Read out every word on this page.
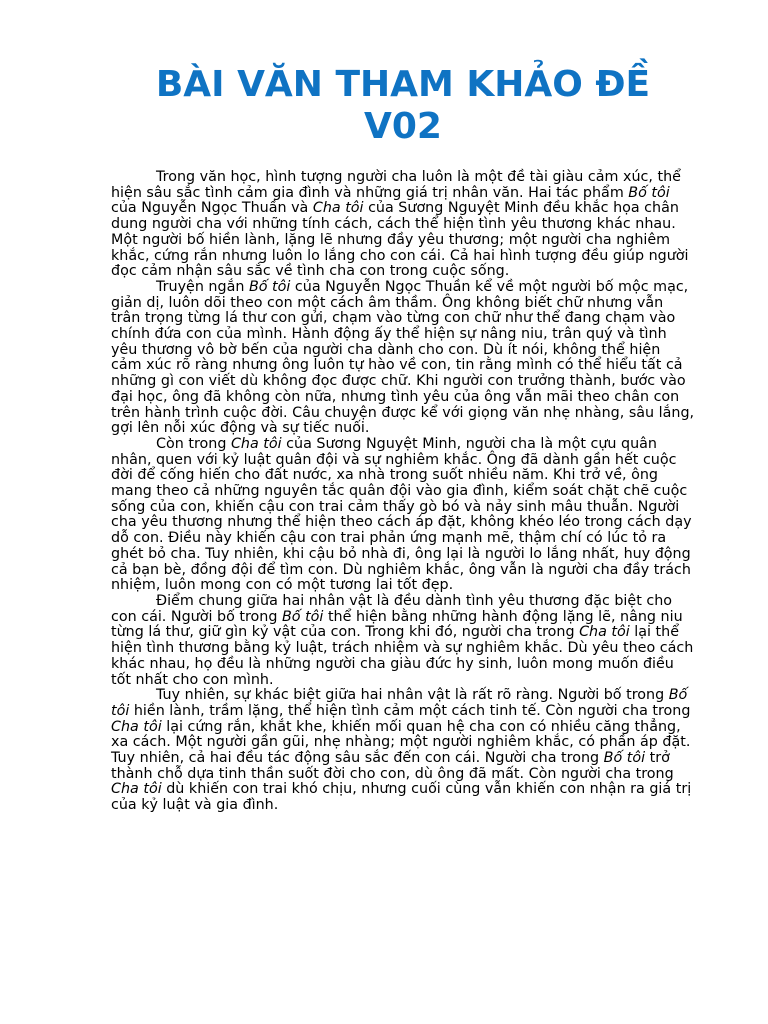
BÀI VĂN THAM KHẢO ĐỀ V02

Trong văn học, hình tượng người cha luôn là một đề tài giàu cảm xúc, thể hiện sâu sắc tình cảm gia đình và những giá trị nhân văn. Hai tác phẩm Bố tôi của Nguyễn Ngọc Thuần và Cha tôi của Sương Nguyệt Minh đều khắc họa chân dung người cha với những tính cách, cách thể hiện tình yêu thương khác nhau. Một người bố hiền lành, lặng lẽ nhưng đầy yêu thương; một người cha nghiêm khắc, cứng rắn nhưng luôn lo lắng cho con cái. Cả hai hình tượng đều giúp người đọc cảm nhận sâu sắc về tình cha con trong cuộc sống.

Truyện ngắn Bố tôi của Nguyễn Ngọc Thuần kể về một người bố mộc mạc, giản dị, luôn dõi theo con một cách âm thầm. Ông không biết chữ nhưng vẫn trân trọng từng lá thư con gửi, chạm vào từng con chữ như thể đang chạm vào chính đứa con của mình. Hành động ấy thể hiện sự nâng niu, trân quý và tình yêu thương vô bờ bến của người cha dành cho con. Dù ít nói, không thể hiện cảm xúc rõ ràng nhưng ông luôn tự hào về con, tin rằng mình có thể hiểu tất cả những gì con viết dù không đọc được chữ. Khi người con trưởng thành, bước vào đại học, ông đã không còn nữa, nhưng tình yêu của ông vẫn mãi theo chân con trên hành trình cuộc đời. Câu chuyện được kể với giọng văn nhẹ nhàng, sâu lắng, gợi lên nỗi xúc động và sự tiếc nuối.

Còn trong Cha tôi của Sương Nguyệt Minh, người cha là một cựu quân nhân, quen với kỷ luật quân đội và sự nghiêm khắc. Ông đã dành gần hết cuộc đời để cống hiến cho đất nước, xa nhà trong suốt nhiều năm. Khi trở về, ông mang theo cả những nguyên tắc quân đội vào gia đình, kiểm soát chặt chẽ cuộc sống của con, khiến cậu con trai cảm thấy gò bó và nảy sinh mâu thuẫn. Người cha yêu thương nhưng thể hiện theo cách áp đặt, không khéo léo trong cách dạy dỗ con. Điều này khiến cậu con trai phản ứng mạnh mẽ, thậm chí có lúc tỏ ra ghét bỏ cha. Tuy nhiên, khi cậu bỏ nhà đi, ông lại là người lo lắng nhất, huy động cả bạn bè, đồng đội để tìm con. Dù nghiêm khắc, ông vẫn là người cha đầy trách nhiệm, luôn mong con có một tương lai tốt đẹp.

Điểm chung giữa hai nhân vật là đều dành tình yêu thương đặc biệt cho con cái. Người bố trong Bố tôi thể hiện bằng những hành động lặng lẽ, nâng niu từng lá thư, giữ gìn kỷ vật của con. Trong khi đó, người cha trong Cha tôi lại thể hiện tình thương bằng kỷ luật, trách nhiệm và sự nghiêm khắc. Dù yêu theo cách khác nhau, họ đều là những người cha giàu đức hy sinh, luôn mong muốn điều tốt nhất cho con mình.

Tuy nhiên, sự khác biệt giữa hai nhân vật là rất rõ ràng. Người bố trong Bố tôi hiền lành, trầm lặng, thể hiện tình cảm một cách tinh tế. Còn người cha trong Cha tôi lại cứng rắn, khắt khe, khiến mối quan hệ cha con có nhiều căng thẳng, xa cách. Một người gần gũi, nhẹ nhàng; một người nghiêm khắc, có phần áp đặt. Tuy nhiên, cả hai đều tác động sâu sắc đến con cái. Người cha trong Bố tôi trở thành chỗ dựa tinh thần suốt đời cho con, dù ông đã mất. Còn người cha trong Cha tôi dù khiến con trai khó chịu, nhưng cuối cùng vẫn khiến con nhận ra giá trị của kỷ luật và gia đình.
